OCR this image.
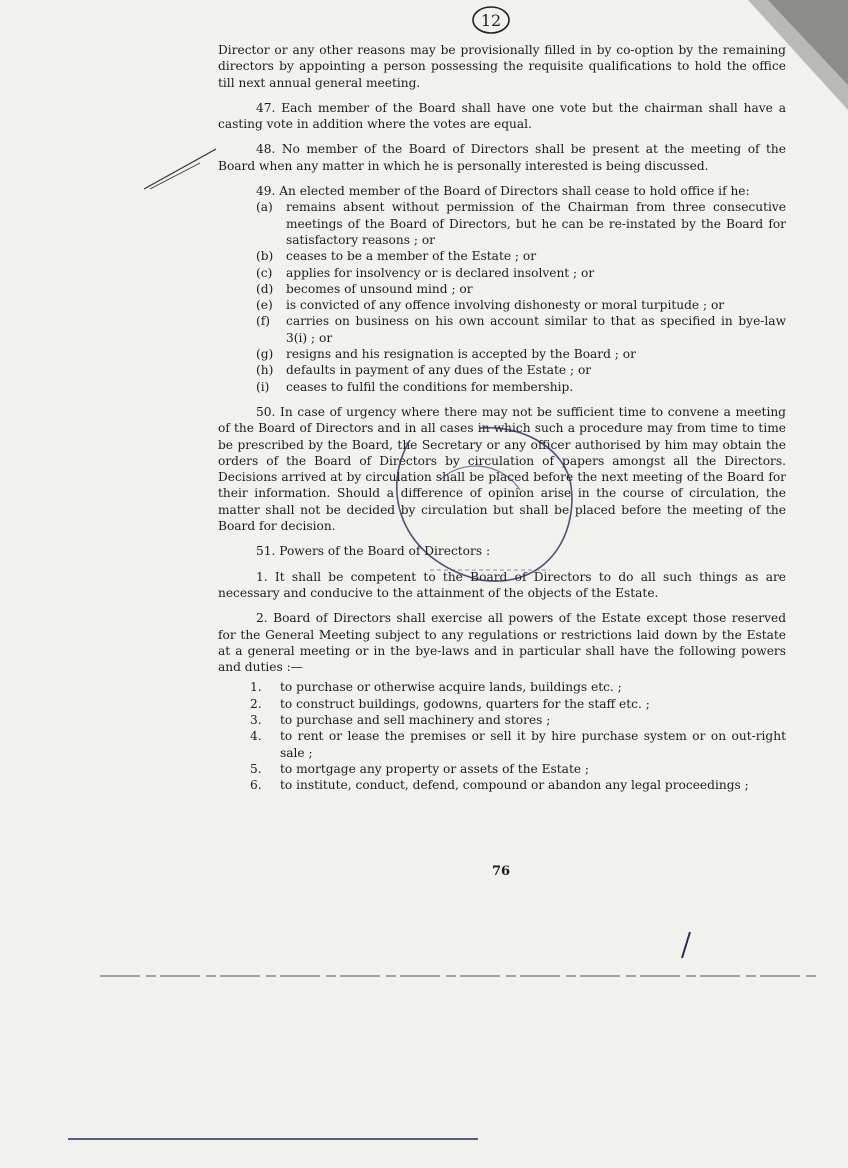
12

Director or any other reasons may be provisionally filled in by co-option by the remaining directors by appointing a person possessing the requisite qualifications to hold the office till next annual general meeting.

47. Each member of the Board shall have one vote but the chairman shall have a casting vote in addition where the votes are equal.

48. No member of the Board of Directors shall be present at the meeting of the Board when any matter in which he is personally interested is being discussed.

49. An elected member of the Board of Directors shall cease to hold office if he:

(a)	remains absent without permission of the Chairman from three consecutive meetings of the Board of Directors, but he can be re-instated by the Board for satisfactory reasons ; or
(b)	ceases to be a member of the Estate ; or
(c)	applies for insolvency or is declared insolvent ; or
(d)	becomes of unsound mind ; or
(e)	is convicted of any offence involving dishonesty or moral turpitude ; or
(f)	carries on business on his own account similar to that as specified in bye-law 3(i) ; or
(g)	resigns and his resignation is accepted by the Board ; or
(h)	defaults in payment of any dues of the Estate ; or
(i)	ceases to fulfil the conditions for membership.

50. In case of urgency where there may not be sufficient time to convene a meeting of the Board of Directors and in all cases in which such a procedure may from time to time be prescribed by the Board, the Secretary or any officer authorised by him may obtain the orders of the Board of Directors by circulation of papers amongst all the Directors. Decisions arrived at by circulation shall be placed before the next meeting of the Board for their information. Should a difference of opinion arise in the course of circulation, the matter shall not be decided by circulation but shall be placed before the meeting of the Board for decision.

51. Powers of the Board of Directors :

1. It shall be competent to the Board of Directors to do all such things as are necessary and conducive to the attainment of the objects of the Estate.

2. Board of Directors shall exercise all powers of the Estate except those reserved for the General Meeting subject to any regulations or restrictions laid down by the Estate at a general meeting or in the bye-laws and in particular shall have the following powers and duties :—

1.	to purchase or otherwise acquire lands, buildings etc. ;
2.	to construct buildings, godowns, quarters for the staff etc. ;
3.	to purchase and sell machinery and stores ;
4.	to rent or lease the premises or sell it by hire purchase system or on out-right sale ;
5.	to mortgage any property or assets of the Estate ;
6.	to institute, conduct, defend, compound or abandon any legal proceedings ;
76
